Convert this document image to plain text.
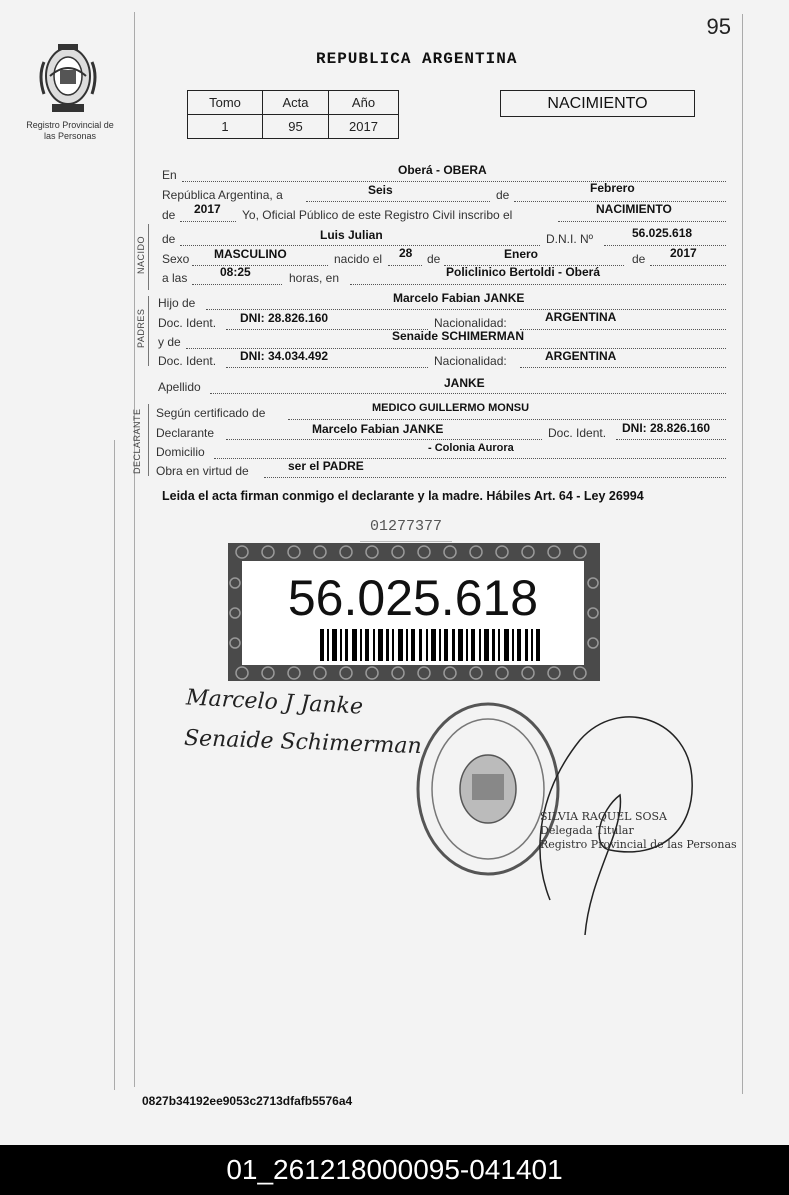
95
Registro Provincial de las Personas
REPUBLICA ARGENTINA
Tomo	Acta	Año
1	95	2017
NACIMIENTO
En	Oberá - OBERA
República Argentina, a	Seis	de	Febrero
de 2017 Yo, Oficial Público de este Registro Civil inscribo el	NACIMIENTO
NACIDO de	Luis Julian	D.N.I. Nº	56.025.618
Sexo MASCULINO	nacido el 28 de	Enero	de 2017
a las	08:25	horas, en	Policlinico Bertoldi - Oberá
PADRES
Hijo de	Marcelo Fabian JANKE
Doc. Ident. DNI: 28.826.160	Nacionalidad:	ARGENTINA
y de	Senaide SCHIMERMAN
Doc. Ident. DNI: 34.034.492	Nacionalidad:	ARGENTINA
Apellido	JANKE
DECLARANTE Según certificado de	MEDICO GUILLERMO MONSU
Declarante	Marcelo Fabian JANKE	Doc. Ident. DNI: 28.826.160
Domicilio	- Colonia Aurora
Obra en virtud de	ser el PADRE
Leida el acta firman conmigo el declarante y la madre. Hábiles Art. 64 - Ley 26994
01277377
56.025.618
Marcelo J Janke
Senaide Schimerman
SILVIA RAQUEL SOSA
Delegada Titular
Registro Provincial de las Personas
0827b34192ee9053c2713dfafb5576a4
01_261218000095-041401
